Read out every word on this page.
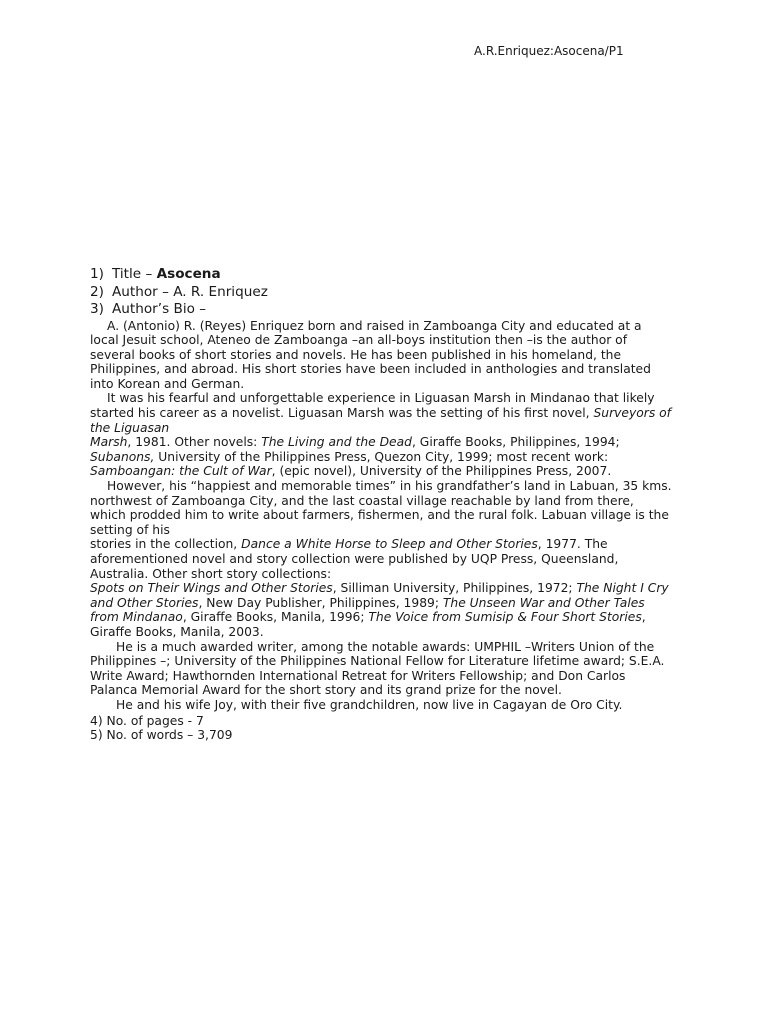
A.R.Enriquez:Asocena/P1
1) Title – Asocena
2) Author – A. R. Enriquez
3) Author’s Bio –

A. (Antonio) R. (Reyes) Enriquez born and raised in Zamboanga City and educated at a local Jesuit school, Ateneo de Zamboanga –an all-boys institution then –is the author of several books of short stories and novels. He has been published in his homeland, the Philippines, and abroad. His short stories have been included in anthologies and translated into Korean and German.

It was his fearful and unforgettable experience in Liguasan Marsh in Mindanao that likely started his career as a novelist. Liguasan Marsh was the setting of his first novel, Surveyors of the Liguasan
Marsh, 1981. Other novels: The Living and the Dead, Giraffe Books, Philippines, 1994; Subanons, University of the Philippines Press, Quezon City, 1999; most recent work: Samboangan: the Cult of War, (epic novel), University of the Philippines Press, 2007.

However, his “happiest and memorable times” in his grandfather’s land in Labuan, 35 kms. northwest of Zamboanga City, and the last coastal village reachable by land from there, which prodded him to write about farmers, fishermen, and the rural folk. Labuan village is the setting of his
stories in the collection, Dance a White Horse to Sleep and Other Stories, 1977. The aforementioned novel and story collection were published by UQP Press, Queensland, Australia. Other short story collections:
Spots on Their Wings and Other Stories, Silliman University, Philippines, 1972; The Night I Cry and Other Stories, New Day Publisher, Philippines, 1989; The Unseen War and Other Tales from Mindanao, Giraffe Books, Manila, 1996; The Voice from Sumisip & Four Short Stories, Giraffe Books, Manila, 2003.

He is a much awarded writer, among the notable awards: UMPHIL –Writers Union of the Philippines –; University of the Philippines National Fellow for Literature lifetime award; S.E.A. Write Award; Hawthornden International Retreat for Writers Fellowship; and Don Carlos Palanca Memorial Award for the short story and its grand prize for the novel.

He and his wife Joy, with their five grandchildren, now live in Cagayan de Oro City.

4) No. of pages - 7
5) No. of words – 3,709
